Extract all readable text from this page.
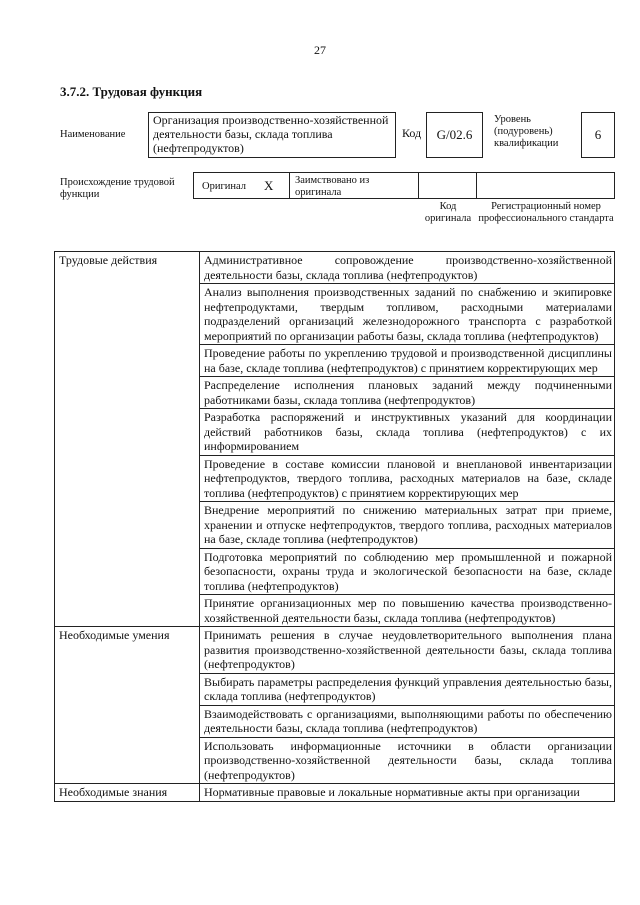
27
3.7.2. Трудовая функция
Наименование
Организация производственно-хозяйственной деятельности базы, склада топлива (нефтепродуктов)
Код	G/02.6
Уровень (подуровень) квалификации
6
Происхождение трудовой функции
Оригинал X Заимствовано из оригинала
Код оригинала
Регистрационный номер профессионального стандарта
Трудовые действия	Административное сопровождение производственно-хозяйственной деятельности базы, склада топлива (нефтепродуктов)
	Анализ выполнения производственных заданий по снабжению и экипировке нефтепродуктами, твердым топливом, расходными материалами подразделений организаций железнодорожного транспорта с разработкой мероприятий по организации работы базы, склада топлива (нефтепродуктов)
	Проведение работы по укреплению трудовой и производственной дисциплины на базе, складе топлива (нефтепродуктов) с принятием корректирующих мер
	Распределение исполнения плановых заданий между подчиненными работниками базы, склада топлива (нефтепродуктов)
	Разработка распоряжений и инструктивных указаний для координации действий работников базы, склада топлива (нефтепродуктов) с их информированием
	Проведение в составе комиссии плановой и внеплановой инвентаризации нефтепродуктов, твердого топлива, расходных материалов на базе, складе топлива (нефтепродуктов) с принятием корректирующих мер
	Внедрение мероприятий по снижению материальных затрат при приеме, хранении и отпуске нефтепродуктов, твердого топлива, расходных материалов на базе, складе топлива (нефтепродуктов)
	Подготовка мероприятий по соблюдению мер промышленной и пожарной безопасности, охраны труда и экологической безопасности на базе, складе топлива (нефтепродуктов)
	Принятие организационных мер по повышению качества производственно-хозяйственной деятельности базы, склада топлива (нефтепродуктов)
Необходимые умения	Принимать решения в случае неудовлетворительного выполнения плана развития производственно-хозяйственной деятельности базы, склада топлива (нефтепродуктов)
	Выбирать параметры распределения функций управления деятельностью базы, склада топлива (нефтепродуктов)
	Взаимодействовать с организациями, выполняющими работы по обеспечению деятельности базы, склада топлива (нефтепродуктов)
	Использовать информационные источники в области организации производственно-хозяйственной деятельности базы, склада топлива (нефтепродуктов)
Необходимые знания	Нормативные правовые и локальные нормативные акты при организации
